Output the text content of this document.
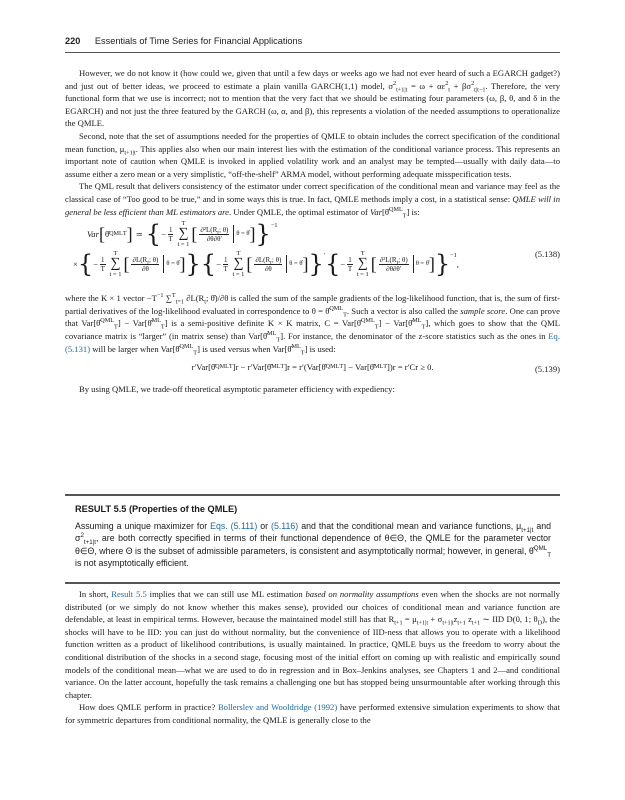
220 Essentials of Time Series for Financial Applications

However, we do not know it (how could we, given that until a few days or weeks ago we had not ever heard of such a EGARCH gadget?) and just out of better ideas, we proceed to estimate a plain vanilla GARCH(1,1) model, $\sigma^2_{t+1|t} = \omega + \alpha\varepsilon^2_t + \beta\sigma^2_{t|t-1}$. Therefore, the very functional form that we use is incorrect; not to mention that the very fact that we should be estimating four parameters (ω, β, θ, and δ in the EGARCH) and not just the three featured by the GARCH (ω, α, and β), this represents a violation of the needed assumptions to operationalize the QMLE.

Second, note that the set of assumptions needed for the properties of QMLE to obtain includes the correct specification of the conditional mean function, $\mu_{t+1|t}$. This applies also when our main interest lies with the estimation of the conditional variance process. This represents an important note of caution when QMLE is invoked in applied volatility work and an analyst may be tempted—usually with daily data—to assume either a zero mean or a very simplistic, “off-the-shelf” ARMA model, without performing adequate misspecification tests.

The QML result that delivers consistency of the estimator under correct specification of the conditional mean and variance may feel as the classical case of “Too good to be true,” and in some ways this is true. In fact, QMLE methods imply a cost, in a statistical sense: QMLE will in general be less efficient than ML estimators are. Under QMLE, the optimal estimator of Var[θ̂$^{QML}_T$] is:

Var [ θ̂ QML T ] ≃ { − $\frac{1}{T}$
T
∑
t = 1
[ $\frac{\partial^2L(R_t; \theta)}{\partial\theta\partial\theta'}$ θ = θ̂ ] }$^{-1}$
× { − $\frac{1}{T}$
T
∑
t = 1
[ $\frac{\partial L(R_t; \theta)}{\partial\theta}$ θ = θ̂ ] } { − $\frac{1}{T}$
T
∑
t = 1
[ $\frac{\partial L(R_t; \theta)}{\partial\theta}$ θ = θ̂ ] }′ { − $\frac{1}{T}$
T
∑
t = 1
[ $\frac{\partial^2L(R_t; \theta)}{\partial\theta\partial\theta'}$ θ = θ̂ ] }$^{-1}$
,
(5.138)

where the K × 1 vector $-T^{-1}$ ∑$^T_{t=1}$ $\partial L(R_t$; θ̂)/∂θ is called the sum of the sample gradients of the log-likelihood function, that is, the sum of first-partial derivatives of the log-likelihood evaluated in correspondence to θ = θ̂$^{QML}_T$. Such a vector is also called the sample score. One can prove that Var[θ̂$^{QML}_T$] − Var[θ̂$^{ML}_T$] is a semi-positive definite K × K matrix, C = Var[θ̂$^{QML}_T$] − Var[θ̂$^{ML}_T$], which goes to show that the QML covariance matrix is “larger” (in matrix sense) than Var[θ̂$^{ML}_T$]. For instance, the denominator of the z-score statistics such as the ones in Eq. (5.131) will be larger when Var[θ̂$^{QML}_T$] is used versus when Var[θ̂$^{ML}_T$] is used:

r′Var[θ̂ QML T ]r − r′Var[θ̂ ML T ]r = r′(Var[θ̂ QML T ] − Var[θ̂ ML T ])r = r′Cr ≥ 0.	(5.139)

By using QMLE, we trade-off theoretical asymptotic parameter efficiency with expediency:

RESULT 5.5 (Properties of the QMLE)
Assuming a unique maximizer for Eqs. (5.111) or (5.116) and that the conditional mean and variance functions, $\mu_{t+1|t}$ and $\sigma^2_{t+1|t}$, are both correctly specified in terms of their functional dependence of θ∈Θ, the QMLE for the parameter vector θ∈Θ, where Θ is the subset of admissible parameters, is consistent and asymptotically normal; however, in general, θ̂$^{QML}_T$ is not asymptotically efficient.

In short, Result 5.5 implies that we can still use ML estimation based on normality assumptions even when the shocks are not normally distributed (or we simply do not know whether this makes sense), provided our choices of conditional mean and variance function are defendable, at least in empirical terms. However, because the maintained model still has that $R_{t+1} = \mu_{t+1|t} + \sigma_{t+1|t}z_{t+1}$ $z_{t+1}$ ∼ IID D(0, 1; $\theta_D$), the shocks will have to be IID: you can just do without normality, but the convenience of IID-ness that allows you to operate with a likelihood function written as a product of likelihood contributions, is usually maintained. In practice, QMLE buys us the freedom to worry about the conditional distribution of the shocks in a second stage, focusing most of the initial effort on coming up with realistic and empirically sound models of the conditional mean—what we are used to do in regression and in Box–Jenkins analyses, see Chapters 1 and 2—and conditional variance. On the latter account, hopefully the task remains a challenging one but has stopped being unsurmountable after working through this chapter.

How does QMLE perform in practice? Bollerslev and Wooldridge (1992) have performed extensive simulation experiments to show that for symmetric departures from conditional normality, the QMLE is generally close to the
